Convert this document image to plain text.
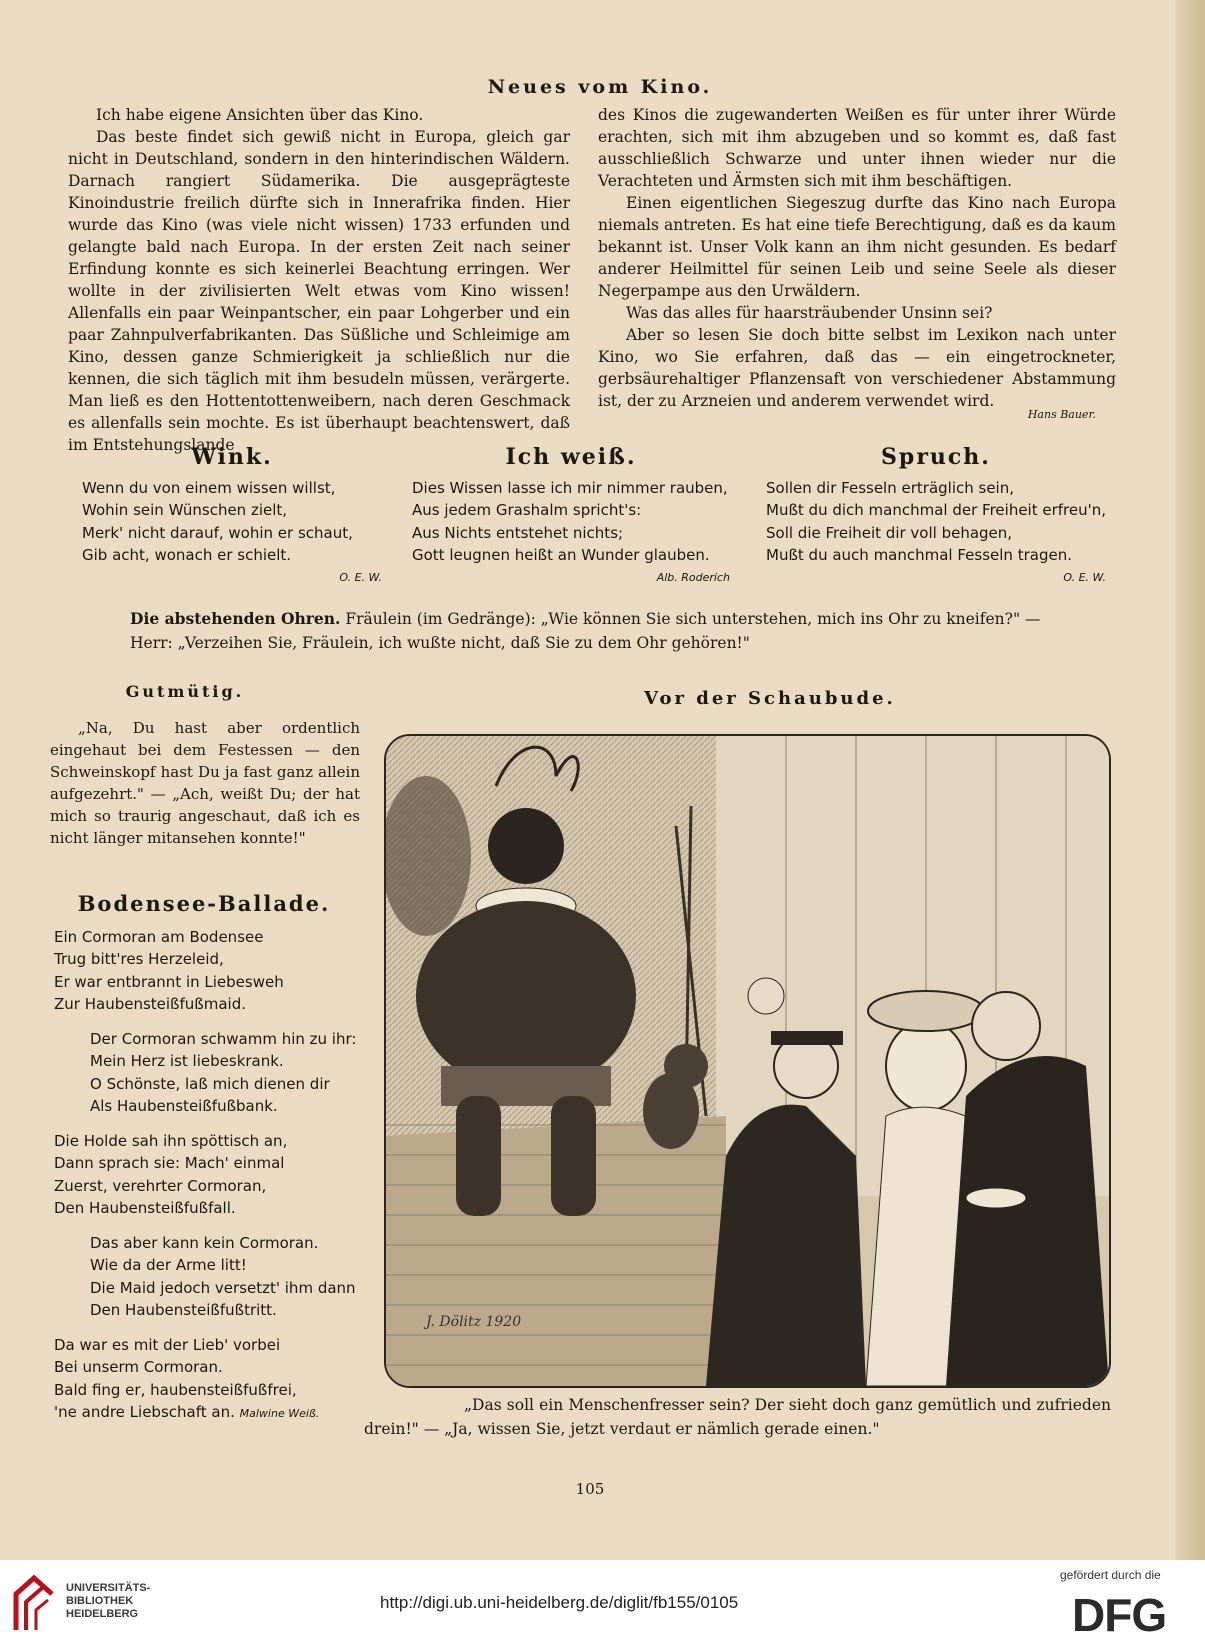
Neues vom Kino.

Ich habe eigene Ansichten über das Kino.

Das beste findet sich gewiß nicht in Europa, gleich gar nicht in Deutschland, sondern in den hinterindischen Wäldern. Darnach rangiert Südamerika. Die ausgeprägteste Kinoindustrie freilich dürfte sich in Innerafrika finden. Hier wurde das Kino (was viele nicht wissen) 1733 erfunden und gelangte bald nach Europa. In der ersten Zeit nach seiner Erfindung konnte es sich keinerlei Beachtung erringen. Wer wollte in der zivilisierten Welt etwas vom Kino wissen! Allenfalls ein paar Weinpantscher, ein paar Lohgerber und ein paar Zahnpulverfabrikanten. Das Süßliche und Schleimige am Kino, dessen ganze Schmierigkeit ja schließlich nur die kennen, die sich täglich mit ihm besudeln müssen, verärgerte. Man ließ es den Hottentottenweibern, nach deren Geschmack es allenfalls sein mochte. Es ist überhaupt beachtenswert, daß im Entstehungslande

des Kinos die zugewanderten Weißen es für unter ihrer Würde erachten, sich mit ihm abzugeben und so kommt es, daß fast ausschließlich Schwarze und unter ihnen wieder nur die Verachteten und Ärmsten sich mit ihm beschäftigen.

Einen eigentlichen Siegeszug durfte das Kino nach Europa niemals antreten. Es hat eine tiefe Berechtigung, daß es da kaum bekannt ist. Unser Volk kann an ihm nicht gesunden. Es bedarf anderer Heilmittel für seinen Leib und seine Seele als dieser Negerpampe aus den Urwäldern.

Was das alles für haarsträubender Unsinn sei?

Aber so lesen Sie doch bitte selbst im Lexikon nach unter Kino, wo Sie erfahren, daß das — ein eingetrockneter, gerbsäurehaltiger Pflanzensaft von verschiedener Abstammung ist, der zu Arzneien und anderem verwendet wird.

Hans Bauer.
Wink.
Wenn du von einem wissen willst,
Wohin sein Wünschen zielt,
Merk' nicht darauf, wohin er schaut,
Gib acht, wonach er schielt.
O. E. W.
Ich weiß.
Dies Wissen lasse ich mir nimmer rauben,
Aus jedem Grashalm spricht's:
Aus Nichts entstehet nichts;
Gott leugnen heißt an Wunder glauben.
Alb. Roderich
Spruch.
Sollen dir Fesseln erträglich sein,
Mußt du dich manchmal der Freiheit erfreu'n,
Soll die Freiheit dir voll behagen,
Mußt du auch manchmal Fesseln tragen.
O. E. W.
Die abstehenden Ohren. Fräulein (im Gedränge): „Wie können Sie sich unterstehen, mich ins Ohr zu kneifen?" — Herr: „Verzeihen Sie, Fräulein, ich wußte nicht, daß Sie zu dem Ohr gehören!"
Gutmütig.

„Na, Du hast aber ordentlich eingehaut bei dem Festessen — den Schweinskopf hast Du ja fast ganz allein aufgezehrt." — „Ach, weißt Du; der hat mich so traurig angeschaut, daß ich es nicht länger mitansehen konnte!"

Bodensee-Ballade.
Ein Cormoran am Bodensee
Trug bitt'res Herzeleid,
Er war entbrannt in Liebesweh
Zur Haubensteißfußmaid.
Der Cormoran schwamm hin zu ihr:
Mein Herz ist liebeskrank.
O Schönste, laß mich dienen dir
Als Haubensteißfußbank.
Die Holde sah ihn spöttisch an,
Dann sprach sie: Mach' einmal
Zuerst, verehrter Cormoran,
Den Haubensteißfußfall.
Das aber kann kein Cormoran.
Wie da der Arme litt!
Die Maid jedoch versetzt' ihm dann
Den Haubensteißfußtritt.
Da war es mit der Lieb' vorbei
Bei unserm Cormoran.
Bald fing er, haubensteißfußfrei,
'ne andre Liebschaft an. Malwine Weiß.
Vor der Schaubude.
J. Dölitz 1920
„Das soll ein Menschenfresser sein? Der sieht doch ganz gemütlich und zufrieden drein!" — „Ja, wissen Sie, jetzt verdaut er nämlich gerade einen."
105
UNIVERSITÄTS-
BIBLIOTHEK
HEIDELBERG
http://digi.ub.uni-heidelberg.de/diglit/fb155/0105
gefördert durch die
DFG
